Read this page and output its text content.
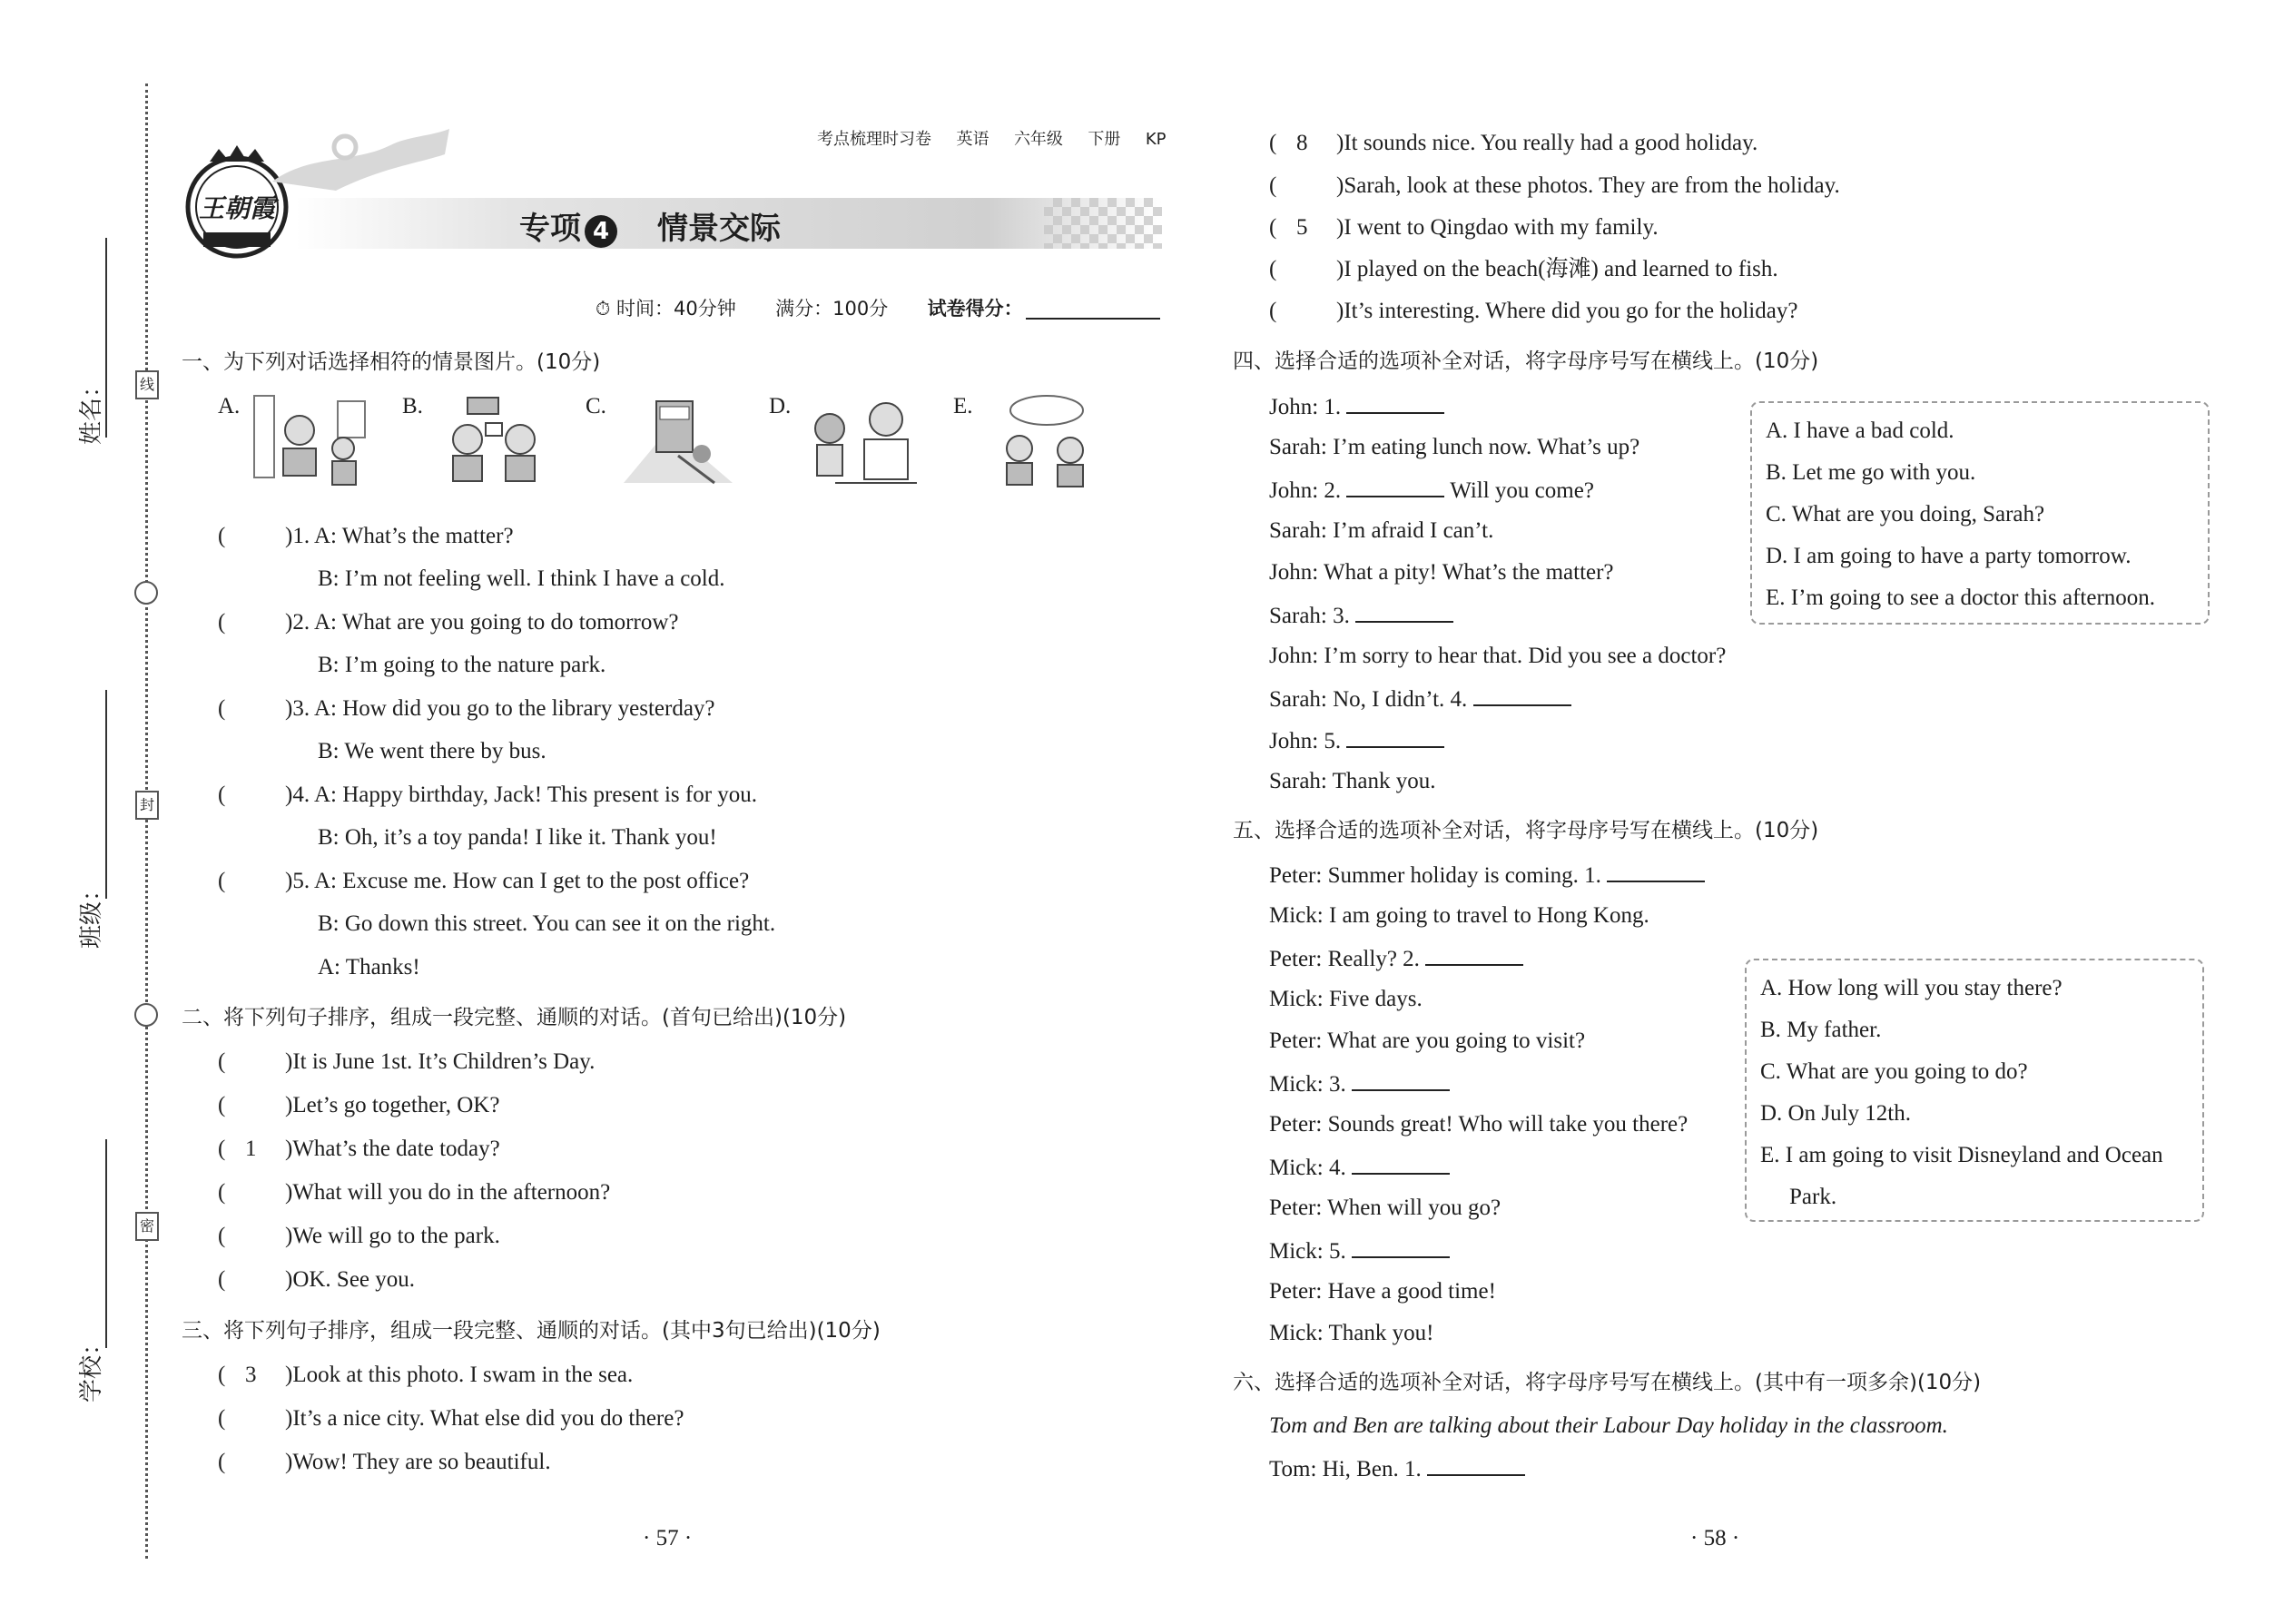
姓名：
班级：
学校：
线
封
密
王朝霞
考点梳理时习卷 英语 六年级 下册 KP
专项 4 情景交际
⏱ 时间：40分钟 满分：100分 试卷得分：
一、为下列对话选择相符的情景图片。(10分)
A.	B.	C.	D.	E.
(	)1. A: What’s the matter?
B: I’m not feeling well. I think I have a cold.
(	)2. A: What are you going to do tomorrow?
B: I’m going to the nature park.
(	)3. A: How did you go to the library yesterday?
B: We went there by bus.
(	)4. A: Happy birthday, Jack! This present is for you.
B: Oh, it’s a toy panda! I like it. Thank you!
(	)5. A: Excuse me. How can I get to the post office?
B: Go down this street. You can see it on the right.
A: Thanks!
二、将下列句子排序，组成一段完整、通顺的对话。(首句已给出)(10分)
(	)It is June 1st. It’s Children’s Day.
(	)Let’s go together, OK?
( 1 )What’s the date today?
(	)What will you do in the afternoon?
(	)We will go to the park.
(	)OK. See you.
三、将下列句子排序，组成一段完整、通顺的对话。(其中3句已给出)(10分)
( 3 )Look at this photo. I swam in the sea.
(	)It’s a nice city. What else did you do there?
(	)Wow! They are so beautiful.
· 57 ·
( 8 )It sounds nice. You really had a good holiday.
(	)Sarah, look at these photos. They are from the holiday.
( 5 )I went to Qingdao with my family.
(	)I played on the beach(海滩) and learned to fish.
(	)It’s interesting. Where did you go for the holiday?
四、选择合适的选项补全对话，将字母序号写在横线上。(10分)
John: 1.
Sarah: I’m eating lunch now. What’s up?
John: 2.	Will you come?
Sarah: I’m afraid I can’t.
John: What a pity! What’s the matter?
Sarah: 3.
John: I’m sorry to hear that. Did you see a doctor?
Sarah: No, I didn’t. 4.
John: 5.
Sarah: Thank you.
A. I have a bad cold.
B. Let me go with you.
C. What are you doing, Sarah?
D. I am going to have a party tomorrow.
E. I’m going to see a doctor this afternoon.
五、选择合适的选项补全对话，将字母序号写在横线上。(10分)
Peter: Summer holiday is coming. 1.
Mick: I am going to travel to Hong Kong.
Peter: Really? 2.
Mick: Five days.
Peter: What are you going to visit?
Mick: 3.
Peter: Sounds great! Who will take you there?
Mick: 4.
Peter: When will you go?
Mick: 5.
Peter: Have a good time!
Mick: Thank you!
A. How long will you stay there?
B. My father.
C. What are you going to do?
D. On July 12th.
E. I am going to visit Disneyland and Ocean
Park.
六、选择合适的选项补全对话，将字母序号写在横线上。(其中有一项多余)(10分)
Tom and Ben are talking about their Labour Day holiday in the classroom.
Tom: Hi, Ben. 1.
· 58 ·
